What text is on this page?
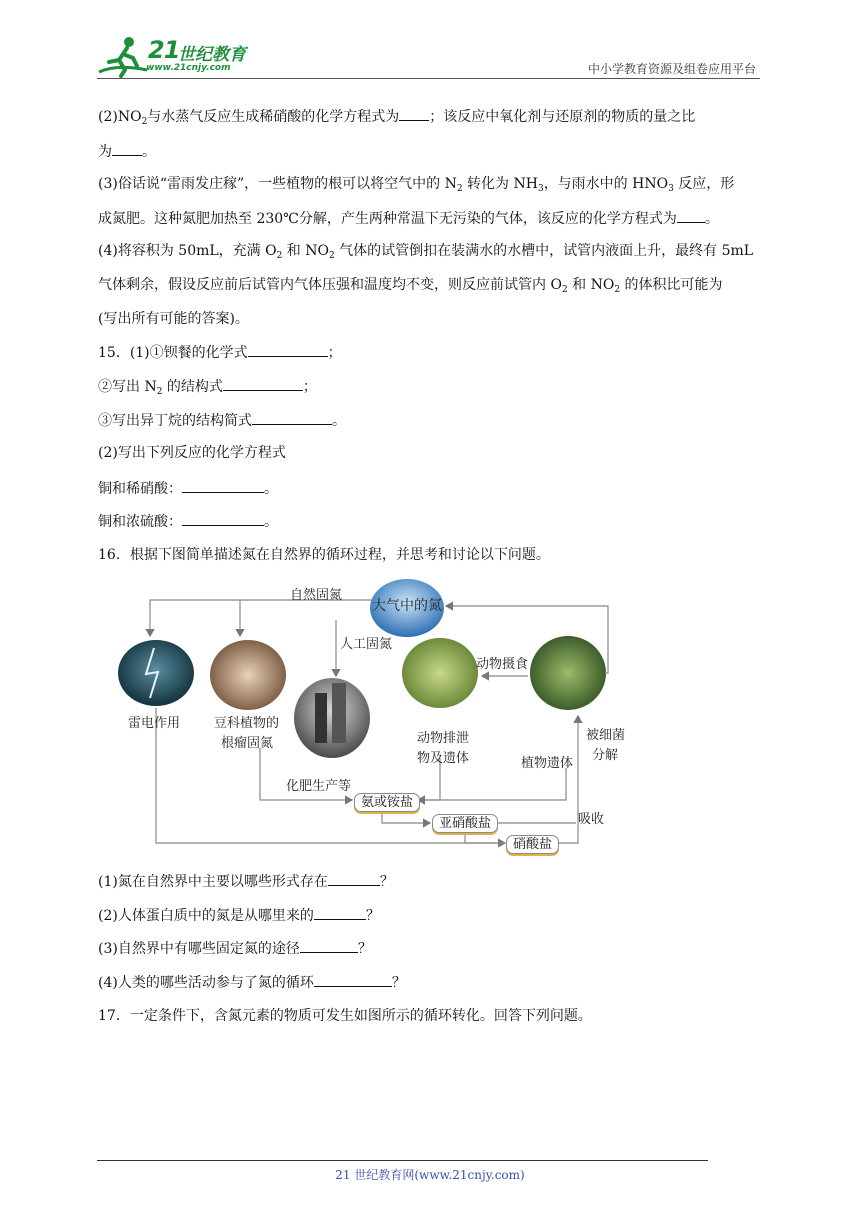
21
世纪教育
www.21cnjy.com	中小学教育资源及组卷应用平台
$(2)NO_2$与水蒸气反应生成稀硝酸的化学方程式为 ；该反应中氧化剂与还原剂的物质的量之比
为 。
(3)俗话说“雷雨发庄稼”，一些植物的根可以将空气中的 $N_2$ 转化为 $NH_3$，与雨水中的 $HNO_3$ 反应，形
成氮肥。这种氮肥加热至 230℃分解，产生两种常温下无污染的气体，该反应的化学方程式为 。
(4)将容积为 50mL，充满 $O_2$ 和 $NO_2$ 气体的试管倒扣在装满水的水槽中，试管内液面上升，最终有 5mL
气体剩余，假设反应前后试管内气体压强和温度均不变，则反应前试管内 $O_2$ 和 $NO_2$ 的体积比可能为
(写出所有可能的答案)。
15．(1)①钡餐的化学式	；
②写出 $N_2$ 的结构式	；
③写出异丁烷的结构简式	。
(2)写出下列反应的化学方程式
铜和稀硝酸：	。
铜和浓硫酸：	。
16．根据下图简单描述氮在自然界的循环过程，并思考和讨论以下问题。
大气中的氮
自然固氮
人工固氮
动物摄食
雷电作用	豆科植物的
根瘤固氮
化肥生产等
动物排泄
物及遗体	植物遗体
被细菌
分解
吸收
氨或铵盐
亚硝酸盐
硝酸盐
(1)氮在自然界中主要以哪些形式存在	？
(2)人体蛋白质中的氮是从哪里来的	？
(3)自然界中有哪些固定氮的途径	？
(4)人类的哪些活动参与了氮的循环	？
17．一定条件下，含氮元素的物质可发生如图所示的循环转化。回答下列问题。
21 世纪教育网(www.21cnjy.com)
